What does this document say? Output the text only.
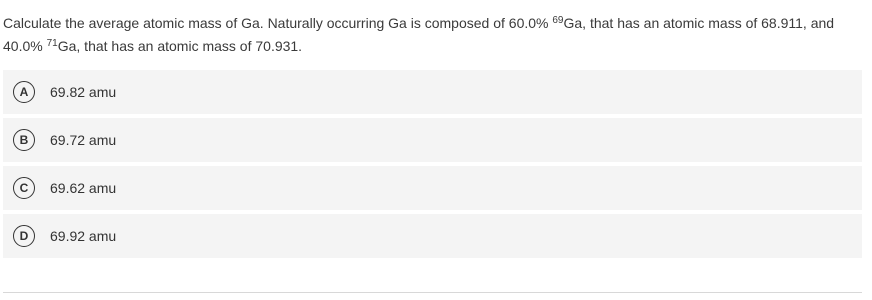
Calculate the average atomic mass of Ga. Naturally occurring Ga is composed of 60.0% $^{69}$Ga, that has an atomic mass of 68.911, and 40.0% $^{71}$Ga, that has an atomic mass of 70.931.
A	69.82 amu
B	69.72 amu
C	69.62 amu
D	69.92 amu
